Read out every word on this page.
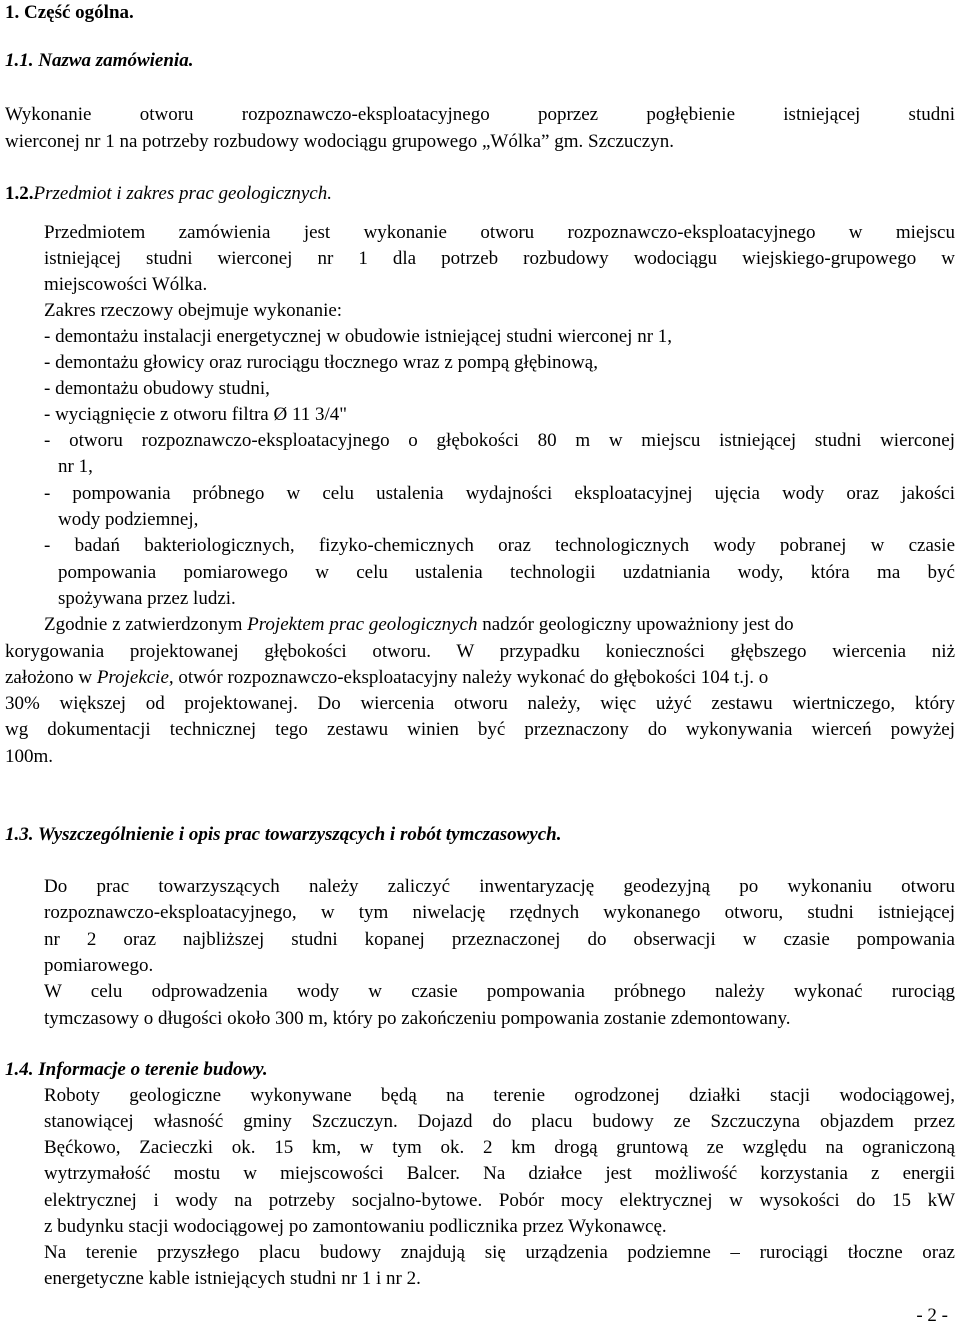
1. Część ogólna.
1.1. Nazwa zamówienia.
Wykonanie otworu rozpoznawczo-eksploatacyjnego poprzez pogłębienie istniejącej studni
wierconej nr 1 na potrzeby rozbudowy wodociągu grupowego „Wólka” gm. Szczuczyn.
1.2.Przedmiot i zakres prac geologicznych.
Przedmiotem zamówienia jest wykonanie otworu rozpoznawczo-eksploatacyjnego w miejscu
istniejącej studni wierconej nr 1 dla potrzeb rozbudowy wodociągu wiejskiego-grupowego w
miejscowości Wólka.
Zakres rzeczowy obejmuje wykonanie:
- demontażu instalacji energetycznej w obudowie istniejącej studni wierconej nr 1,
- demontażu głowicy oraz rurociągu tłocznego wraz z pompą głębinową,
- demontażu obudowy studni,
- wyciągnięcie z otworu filtra Ø 11 3/4"
- otworu rozpoznawczo-eksploatacyjnego o głębokości 80 m w miejscu istniejącej studni wierconej
nr 1,
- pompowania próbnego w celu ustalenia wydajności eksploatacyjnej ujęcia wody oraz jakości
wody podziemnej,
- badań bakteriologicznych, fizyko-chemicznych oraz technologicznych wody pobranej w czasie
pompowania pomiarowego w celu ustalenia technologii uzdatniania wody, która ma być
spożywana przez ludzi.
Zgodnie z zatwierdzonym Projektem prac geologicznych nadzór geologiczny upoważniony jest do
korygowania projektowanej głębokości otworu. W przypadku konieczności głębszego wiercenia niż
założono w Projekcie, otwór rozpoznawczo-eksploatacyjny należy wykonać do głębokości 104 t.j. o
30% większej od projektowanej. Do wiercenia otworu należy, więc użyć zestawu wiertniczego, który
wg dokumentacji technicznej tego zestawu winien być przeznaczony do wykonywania wierceń powyżej
100m.
1.3. Wyszczególnienie i opis prac towarzyszących i robót tymczasowych.
Do prac towarzyszących należy zaliczyć inwentaryzację geodezyjną po wykonaniu otworu
rozpoznawczo-eksploatacyjnego, w tym niwelację rzędnych wykonanego otworu, studni istniejącej
nr 2 oraz najbliższej studni kopanej przeznaczonej do obserwacji w czasie pompowania
pomiarowego.
W celu odprowadzenia wody w czasie pompowania próbnego należy wykonać rurociąg
tymczasowy o długości około 300 m, który po zakończeniu pompowania zostanie zdemontowany.
1.4. Informacje o terenie budowy.
Roboty geologiczne wykonywane będą na terenie ogrodzonej działki stacji wodociągowej,
stanowiącej własność gminy Szczuczyn. Dojazd do placu budowy ze Szczuczyna objazdem przez
Bęćkowo, Zacieczki ok. 15 km, w tym ok. 2 km drogą gruntową ze względu na ograniczoną
wytrzymałość mostu w miejscowości Balcer. Na działce jest możliwość korzystania z energii
elektrycznej i wody na potrzeby socjalno-bytowe. Pobór mocy elektrycznej w wysokości do 15 kW
z budynku stacji wodociągowej po zamontowaniu podlicznika przez Wykonawcę.
Na terenie przyszłego placu budowy znajdują się urządzenia podziemne – rurociągi tłoczne oraz
energetyczne kable istniejących studni nr 1 i nr 2.
- 2 -
